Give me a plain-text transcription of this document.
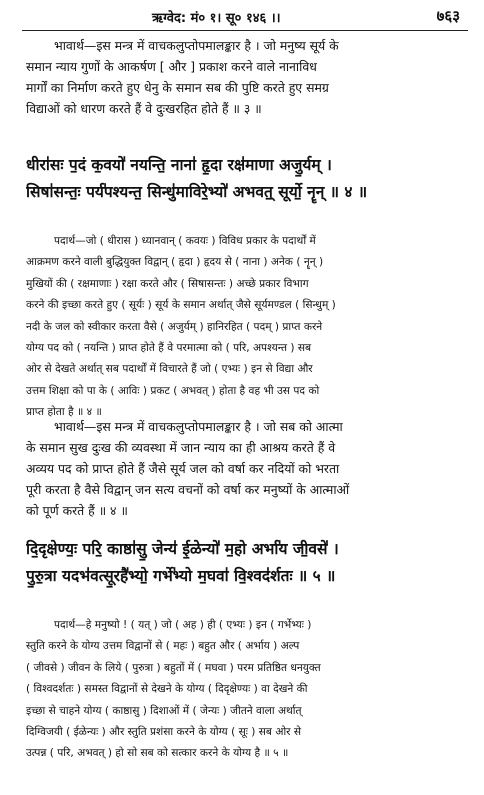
ऋग्वेद: मं० १। सू० १४६ ।।	७६३

भावार्थ—इस मन्त्र में वाचकलुप्तोपमालङ्कार है । जो मनुष्य सूर्य के

समान न्याय गुणों के आकर्षण [ और ] प्रकाश करने वाले नानाविध

मार्गों का निर्माण करते हुए धेनु के समान सब की पुष्टि करते हुए समग्र

विद्याओं को धारण करते हैं वे दुःखरहित होते हैं ॥ ३ ॥

धीरा॑सः प॒दं क॒वयो॑ नयन्ति॒ नाना॑ हृ॒दा रक्ष॑माणा अजु॒र्यम् ।

सिषा॑सन्तः॒ पर्य॑पश्यन्त॒ सिन्धु॑माविरे॒भ्यो॑ अभवत्॒ सूर्यो॒ नॄन् ॥ ४ ॥

पदार्थ—जो ( धीरास ) ध्यानवान् ( कवयः ) विविध प्रकार के पदार्थों में

आक्रमण करने वाली बुद्धियुक्त विद्वान् ( हृदा ) हृदय से ( नाना ) अनेक ( नॄन् )

मुखियों की ( रक्षमाणाः ) रक्षा करते और ( सिषासन्तः ) अच्छे प्रकार विभाग

करने की इच्छा करते हुए ( सूर्यः ) सूर्य के समान अर्थात् जैसे सूर्यमण्डल ( सिन्धुम् )

नदी के जल को स्वीकार करता वैसे ( अजुर्यम् ) हानिरहित ( पदम् ) प्राप्त करने

योग्य पद को ( नयन्ति ) प्राप्त होते हैं वे परमात्मा को ( परि, अपश्यन्त ) सब

ओर से देखते अर्थात् सब पदार्थों में विचारते हैं जो ( एभ्यः ) इन से विद्या और

उत्तम शिक्षा को पा के ( आविः ) प्रकट ( अभवत् ) होता है वह भी उस पद को

प्राप्त होता है ॥ ४ ॥

भावार्थ—इस मन्त्र में वाचकलुप्तोपमालङ्कार है । जो सब को आत्मा

के समान सुख दुःख की व्यवस्था में जान न्याय का ही आश्रय करते हैं वे

अव्यय पद को प्राप्त होते हैं जैसे सूर्य जल को वर्षा कर नदियों को भरता

पूरी करता है वैसे विद्वान् जन सत्य वचनों को वर्षा कर मनुष्यों के आत्माओं

को पूर्ण करते हैं ॥ ४ ॥

दि॒दृक्षेण्यः॒ परि॒ काष्ठा॑सु॒ जेन्य॑ ई॒ळेन्यो॑ म॒हो अर्भा॑य जी॒वसे॑ ।

पु॒रु॒त्रा यदभ॑वत्सू॒रहै॑भ्यो॒ गर्भे॑भ्यो म॒घवा॑ वि॒श्वद॑र्शतः ॥ ५ ॥

पदार्थ—हे मनुष्यो ! ( यत् ) जो ( अह ) ही ( एभ्यः ) इन ( गर्भेभ्यः )

स्तुति करने के योग्य उत्तम विद्वानों से ( महः ) बहुत और ( अर्भाय ) अल्प

( जीवसे ) जीवन के लिये ( पुरुत्रा ) बहुतों में ( मघवा ) परम प्रतिष्ठित धनयुक्त

( विश्वदर्शतः ) समस्त विद्वानों से देखने के योग्य ( दिदृक्षेण्यः ) वा देखने की

इच्छा से चाहने योग्य ( काष्ठासु ) दिशाओं में ( जेन्यः ) जीतने वाला अर्थात्

दिग्विजयी ( ईळेन्यः ) और स्तुति प्रशंसा करने के योग्य ( सूः ) सब ओर से

उत्पन्न ( परि, अभवत् ) हो सो सब को सत्कार करने के योग्य है ॥ ५ ॥
